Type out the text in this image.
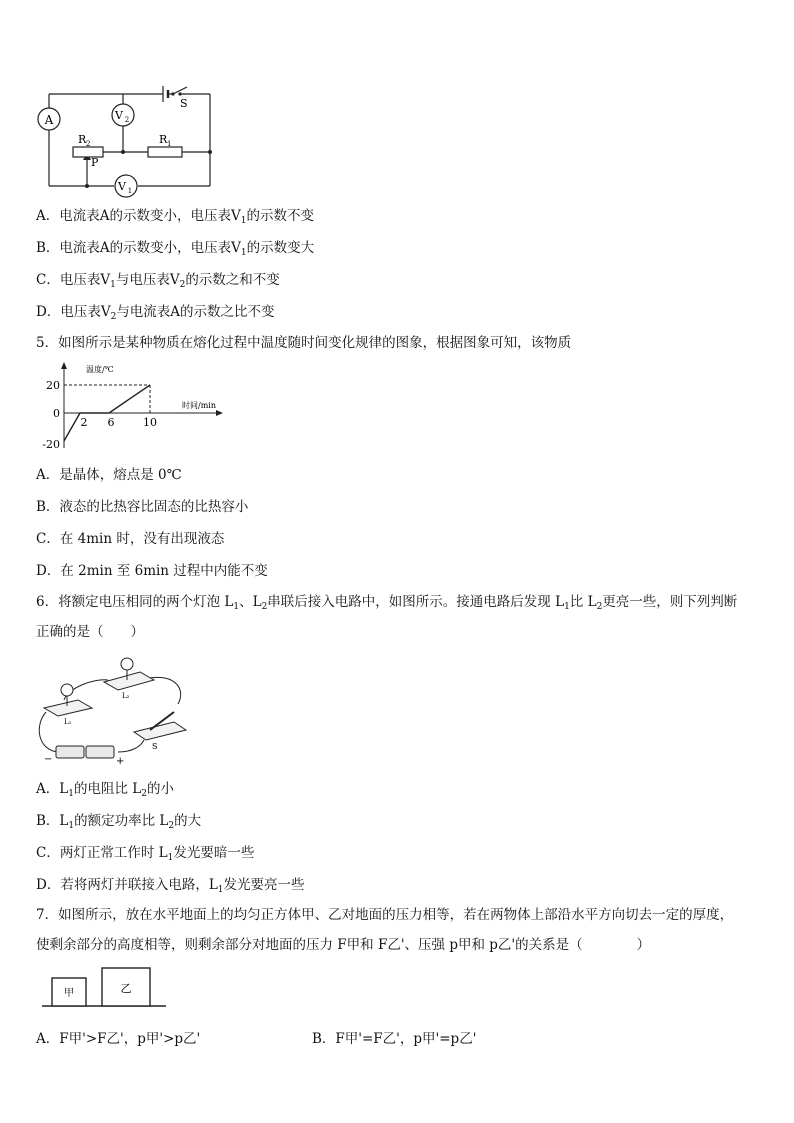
A	V 2
V 1
R 1
R 2
P
S
A．电流表A的示数变小，电压表$V_1$的示数不变
B．电流表A的示数变小，电压表$V_1$的示数变大
C．电压表$V_1$与电压表$V_2$的示数之和不变
D．电压表$V_2$与电流表A的示数之比不变
5．如图所示是某种物质在熔化过程中温度随时间变化规律的图象，根据图象可知，该物质
温度/℃
时间/min
20
0
-20
2 6	10
A．是晶体，熔点是 0℃
B．液态的比热容比固态的比热容小
C．在 4min 时，没有出现液态
D．在 2min 至 6min 过程中内能不变
6．将额定电压相同的两个灯泡 $L_1$、$L_2$串联后接入电路中，如图所示。接通电路后发现 $L_1$比 $L_2$更亮一些，则下列判断
正确的是（　　）
L₁
L₂
S
−	+
A．$L_1$的电阻比 $L_2$的小
B．$L_1$的额定功率比 $L_2$的大
C．两灯正常工作时 $L_1$发光要暗一些
D．若将两灯并联接入电路，$L_1$发光要亮一些
7．如图所示，放在水平地面上的均匀正方体甲、乙对地面的压力相等，若在两物体上部沿水平方向切去一定的厚度，
使剩余部分的高度相等，则剩余部分对地面的压力 F甲和 F乙'、压强 p甲和 p乙'的关系是（　　　　）
甲	乙
A．F甲'>F乙'，p甲'>p乙'	B．F甲'=F乙'，p甲'=p乙'
